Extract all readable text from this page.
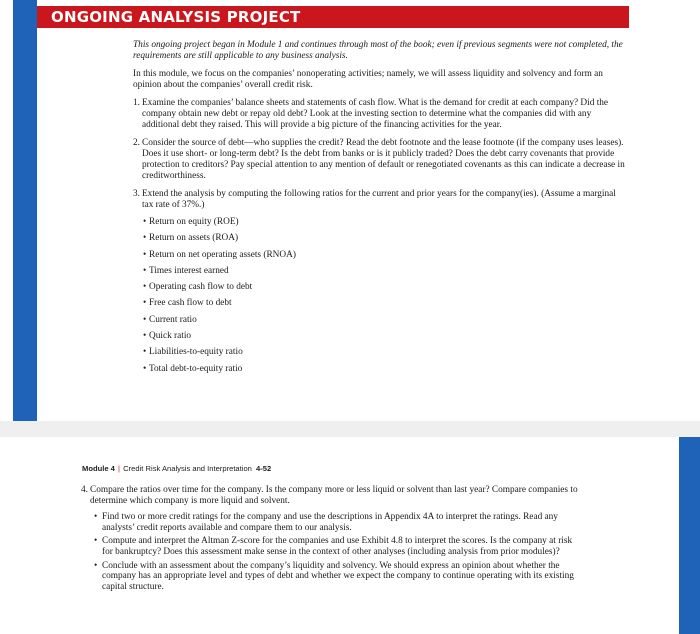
ONGOING ANALYSIS PROJECT

This ongoing project began in Module 1 and continues through most of the book; even if previous segments were not completed, the requirements are still applicable to any business analysis.

In this module, we focus on the companies’ nonoperating activities; namely, we will assess liquidity and solvency and form an opinion about the companies’ overall credit risk.

1. Examine the companies’ balance sheets and statements of cash flow. What is the demand for credit at each company? Did the company obtain new debt or repay old debt? Look at the investing section to determine what the companies did with any additional debt they raised. This will provide a big picture of the financing activities for the year.
2. Consider the source of debt—who supplies the credit? Read the debt footnote and the lease footnote (if the company uses leases). Does it use short- or long-term debt? Is the debt from banks or is it publicly traded? Does the debt carry covenants that provide protection to creditors? Pay special attention to any mention of default or renegotiated covenants as this can indicate a decrease in creditworthiness.
3. Extend the analysis by computing the following ratios for the current and prior years for the company(ies). (Assume a marginal tax rate of 37%.)
• Return on equity (ROE)
• Return on assets (ROA)
• Return on net operating assets (RNOA)
• Times interest earned
• Operating cash flow to debt
• Free cash flow to debt
• Current ratio
• Quick ratio
• Liabilities-to-equity ratio
• Total debt-to-equity ratio
Module 4 | Credit Risk Analysis and Interpretation 4-52
4. Compare the ratios over time for the company. Is the company more or less liquid or solvent than last year? Compare companies to determine which company is more liquid and solvent.
• Find two or more credit ratings for the company and use the descriptions in Appendix 4A to interpret the ratings. Read any analysts’ credit reports available and compare them to our analysis.
• Compute and interpret the Altman Z-score for the companies and use Exhibit 4.8 to interpret the scores. Is the company at risk for bankruptcy? Does this assessment make sense in the context of other analyses (including analysis from prior modules)?
• Conclude with an assessment about the company’s liquidity and solvency. We should express an opinion about whether the company has an appropriate level and types of debt and whether we expect the company to continue operating with its existing capital structure.
